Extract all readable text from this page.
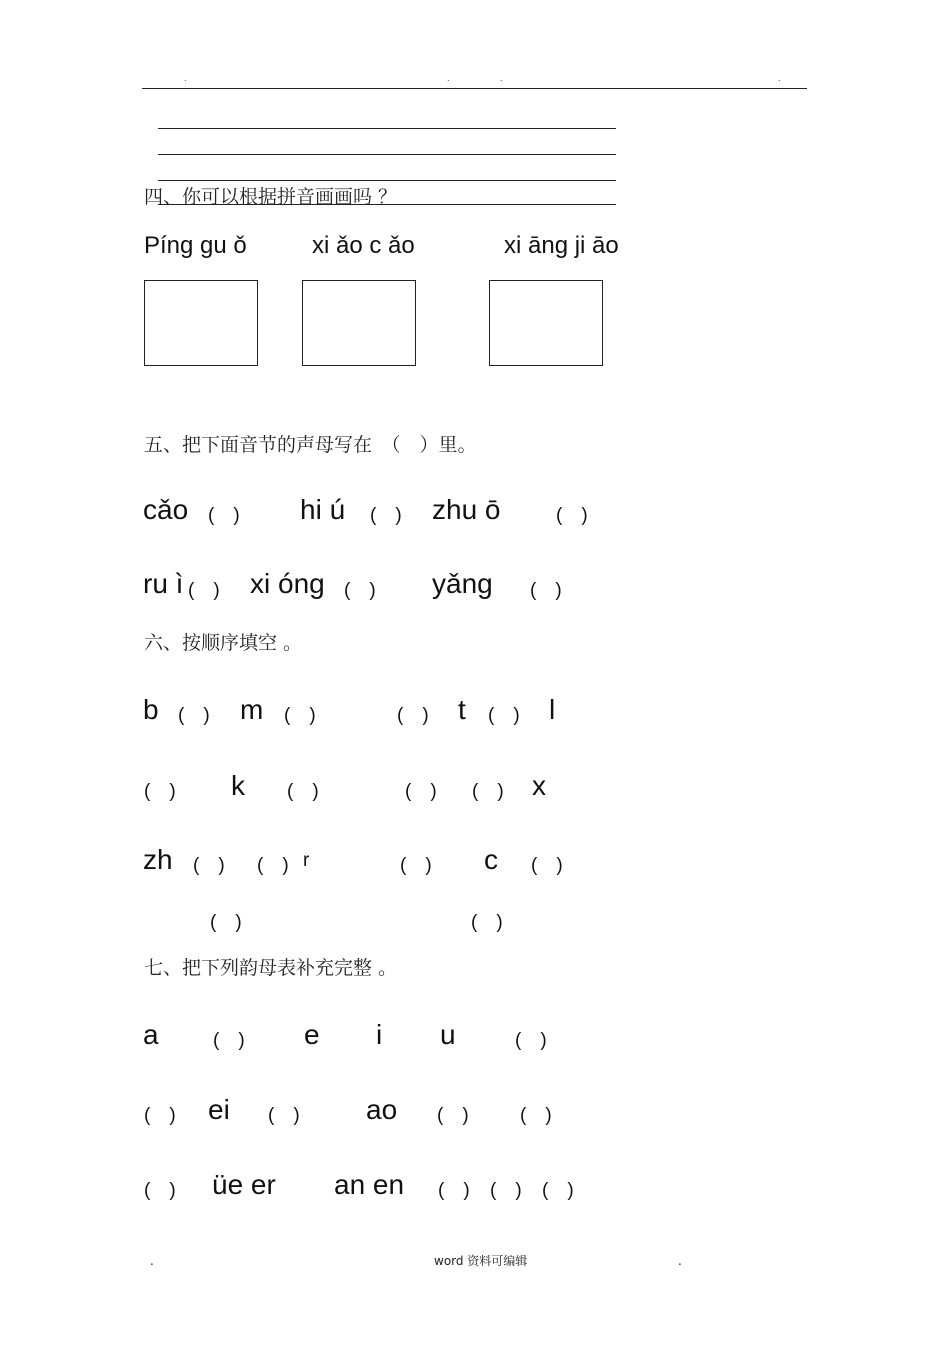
.	.	.	.
四、你可以根据拼音画画吗 ？
Píng gu ǒ	xi ǎo c ǎo	xi āng ji āo
五、把下面音节的声母写在　（　）里。
cǎo (　) hi ú (　) zhu ō	(　)
ru ì (　) xi óng (　) yǎng (　)
六、按顺序填空 。
b (　) m (　)	(　) t (　) l
(　) k (　)	(　) (　) x
zh (　) (　) r	(　) c (　)
(　)	(　)
七、把下列韵母表补充完整 。
a	(　) e i u	(　)
(　) ei (　) ao (　)	(　)
(　) üe er an en (　) (　) (　)
.	word 资料可编辑	.
